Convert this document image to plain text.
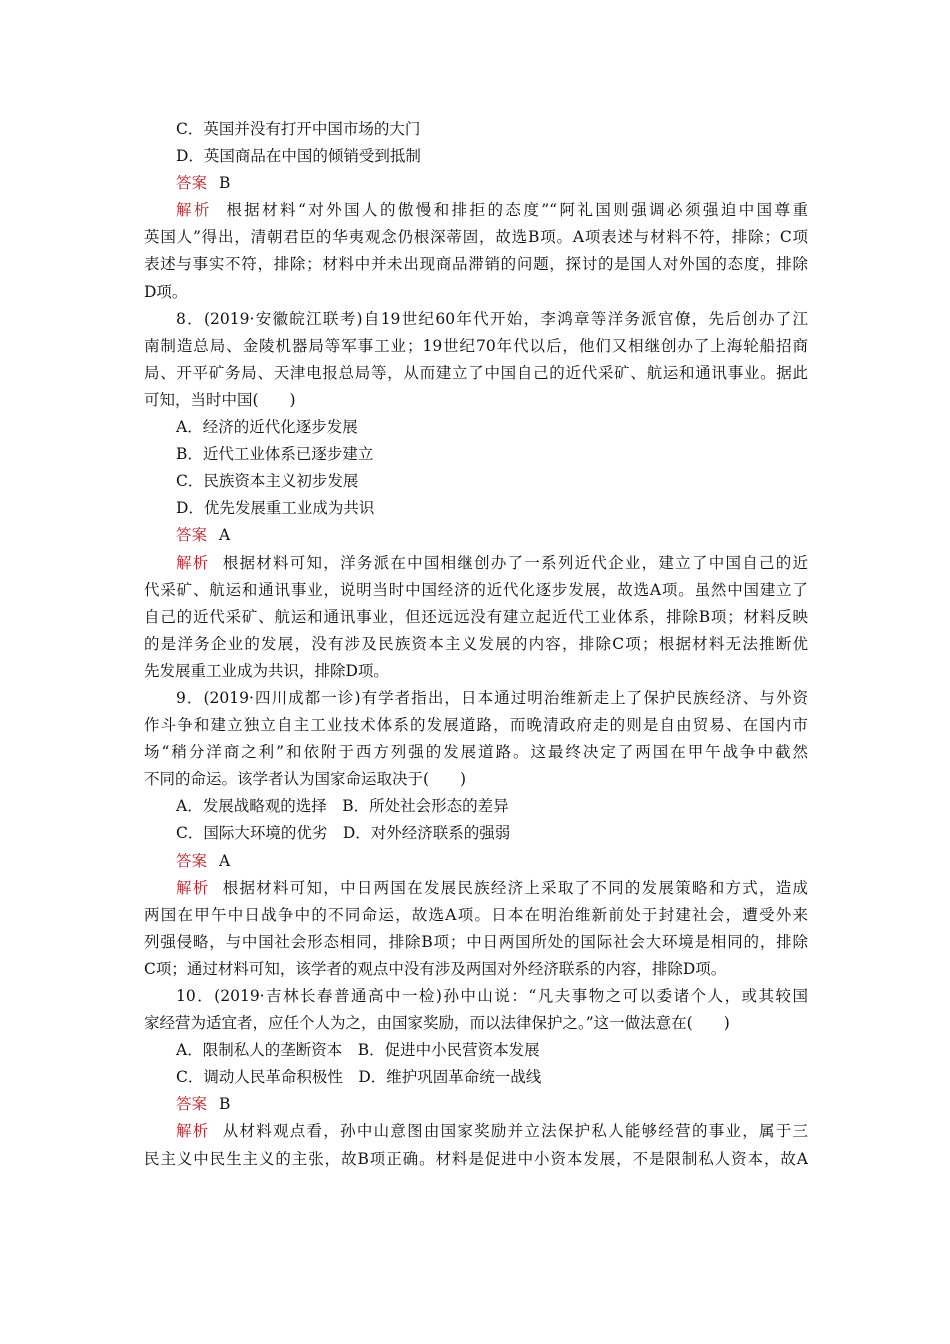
C．英国并没有打开中国市场的大门
D．英国商品在中国的倾销受到抵制
答案 B
解析 根据材料“对外国人的傲慢和排拒的态度”“阿礼国则强调必须强迫中国尊重
英国人”得出，清朝君臣的华夷观念仍根深蒂固，故选B项。A项表述与材料不符，排除；C项
表述与事实不符，排除；材料中并未出现商品滞销的问题，探讨的是国人对外国的态度，排除
D项。
8．(2019·安徽皖江联考)自19世纪60年代开始，李鸿章等洋务派官僚，先后创办了江
南制造总局、金陵机器局等军事工业；19世纪70年代以后，他们又相继创办了上海轮船招商
局、开平矿务局、天津电报总局等，从而建立了中国自己的近代采矿、航运和通讯事业。据此
可知，当时中国(　　)
A．经济的近代化逐步发展
B．近代工业体系已逐步建立
C．民族资本主义初步发展
D．优先发展重工业成为共识
答案 A
解析 根据材料可知，洋务派在中国相继创办了一系列近代企业，建立了中国自己的近
代采矿、航运和通讯事业，说明当时中国经济的近代化逐步发展，故选A项。虽然中国建立了
自己的近代采矿、航运和通讯事业，但还远远没有建立起近代工业体系，排除B项；材料反映
的是洋务企业的发展，没有涉及民族资本主义发展的内容，排除C项；根据材料无法推断优
先发展重工业成为共识，排除D项。
9．(2019·四川成都一诊)有学者指出，日本通过明治维新走上了保护民族经济、与外资
作斗争和建立独立自主工业技术体系的发展道路，而晚清政府走的则是自由贸易、在国内市
场“稍分洋商之利”和依附于西方列强的发展道路。这最终决定了两国在甲午战争中截然
不同的命运。该学者认为国家命运取决于(　　)
A．发展战略观的选择　B．所处社会形态的差异
C．国际大环境的优劣　D．对外经济联系的强弱
答案 A
解析 根据材料可知，中日两国在发展民族经济上采取了不同的发展策略和方式，造成
两国在甲午中日战争中的不同命运，故选A项。日本在明治维新前处于封建社会，遭受外来
列强侵略，与中国社会形态相同，排除B项；中日两国所处的国际社会大环境是相同的，排除
C项；通过材料可知，该学者的观点中没有涉及两国对外经济联系的内容，排除D项。
10．(2019·吉林长春普通高中一检)孙中山说：“凡夫事物之可以委诸个人，或其较国
家经营为适宜者，应任个人为之，由国家奖励，而以法律保护之。”这一做法意在(　　)
A．限制私人的垄断资本　B．促进中小民营资本发展
C．调动人民革命积极性　D．维护巩固革命统一战线
答案 B
解析 从材料观点看，孙中山意图由国家奖励并立法保护私人能够经营的事业，属于三
民主义中民生主义的主张，故B项正确。材料是促进中小资本发展，不是限制私人资本，故A
